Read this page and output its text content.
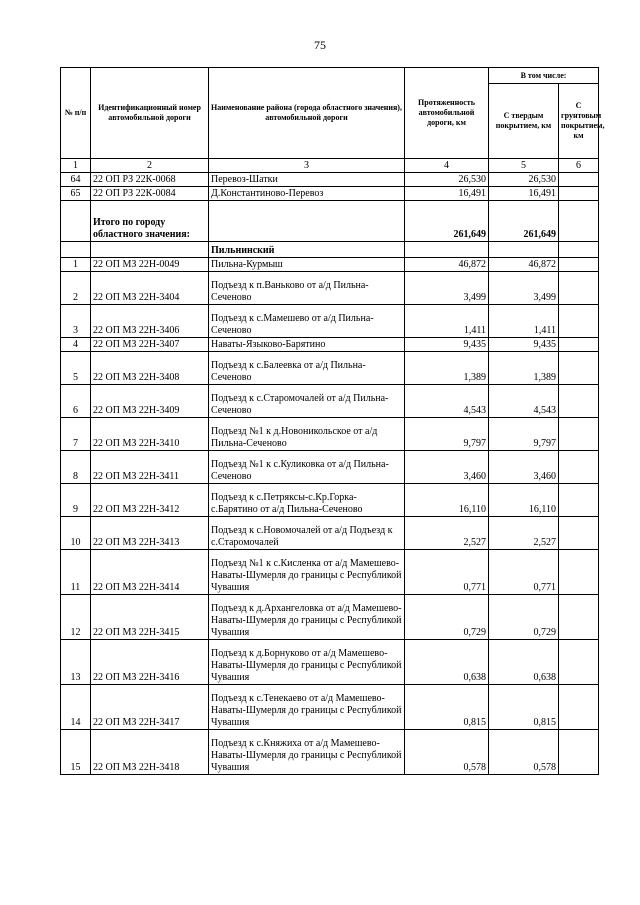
75
№ п/п	Идентификационный номер автомобильной дороги	Наименование района (города областного значения), автомобильной дороги	Протяженность автомобильной дороги, км	В том числе:	
				С твердым покрытием, км	С грунтовым покрытием, км
1	2	3	4	5	6
64	22 ОП РЗ 22К-0068	Перевоз-Шатки	26,530	26,530	
65	22 ОП РЗ 22К-0084	Д.Константиново-Перевоз	16,491	16,491	
	Итого по городу областного значения:		261,649	261,649	
		Пильнинский			
1	22 ОП МЗ 22Н-0049	Пильна-Курмыш	46,872	46,872	
2	22 ОП МЗ 22Н-3404	Подъезд к п.Ваньково от а/д Пильна-Сеченово	3,499	3,499	
3	22 ОП МЗ 22Н-3406	Подъезд к с.Мамешево от а/д Пильна-Сеченово	1,411	1,411	
4	22 ОП МЗ 22Н-3407	Наваты-Языково-Барятино	9,435	9,435	
5	22 ОП МЗ 22Н-3408	Подъезд к с.Балеевка от а/д Пильна-Сеченово	1,389	1,389	
6	22 ОП МЗ 22Н-3409	Подъезд к с.Старомочалей от а/д Пильна-Сеченово	4,543	4,543	
7	22 ОП МЗ 22Н-3410	Подъезд №1 к д.Новоникольское от а/д Пильна-Сеченово	9,797	9,797	
8	22 ОП МЗ 22Н-3411	Подъезд №1 к с.Куликовка от а/д Пильна-Сеченово	3,460	3,460	
9	22 ОП МЗ 22Н-3412	Подъезд к с.Петряксы-с.Кр.Горка-с.Барятино от а/д Пильна-Сеченово	16,110	16,110	
10	22 ОП МЗ 22Н-3413	Подъезд к с.Новомочалей от а/д Подъезд к с.Старомочалей	2,527	2,527	
11	22 ОП МЗ 22Н-3414	Подъезд №1 к с.Кисленка от а/д Мамешево-Наваты-Шумерля до границы с Республикой Чувашия	0,771	0,771	
12	22 ОП МЗ 22Н-3415	Подъезд к д.Архангеловка от а/д Мамешево-Наваты-Шумерля до границы с Республикой Чувашия	0,729	0,729	
13	22 ОП МЗ 22Н-3416	Подъезд к д.Борнуково от а/д Мамешево-Наваты-Шумерля до границы с Республикой Чувашия	0,638	0,638	
14	22 ОП МЗ 22Н-3417	Подъезд к с.Тенекаево от а/д Мамешево-Наваты-Шумерля до границы с Республикой Чувашия	0,815	0,815	
15	22 ОП МЗ 22Н-3418	Подъезд к с.Княжиха от а/д Мамешево-Наваты-Шумерля до границы с Республикой Чувашия	0,578	0,578	
